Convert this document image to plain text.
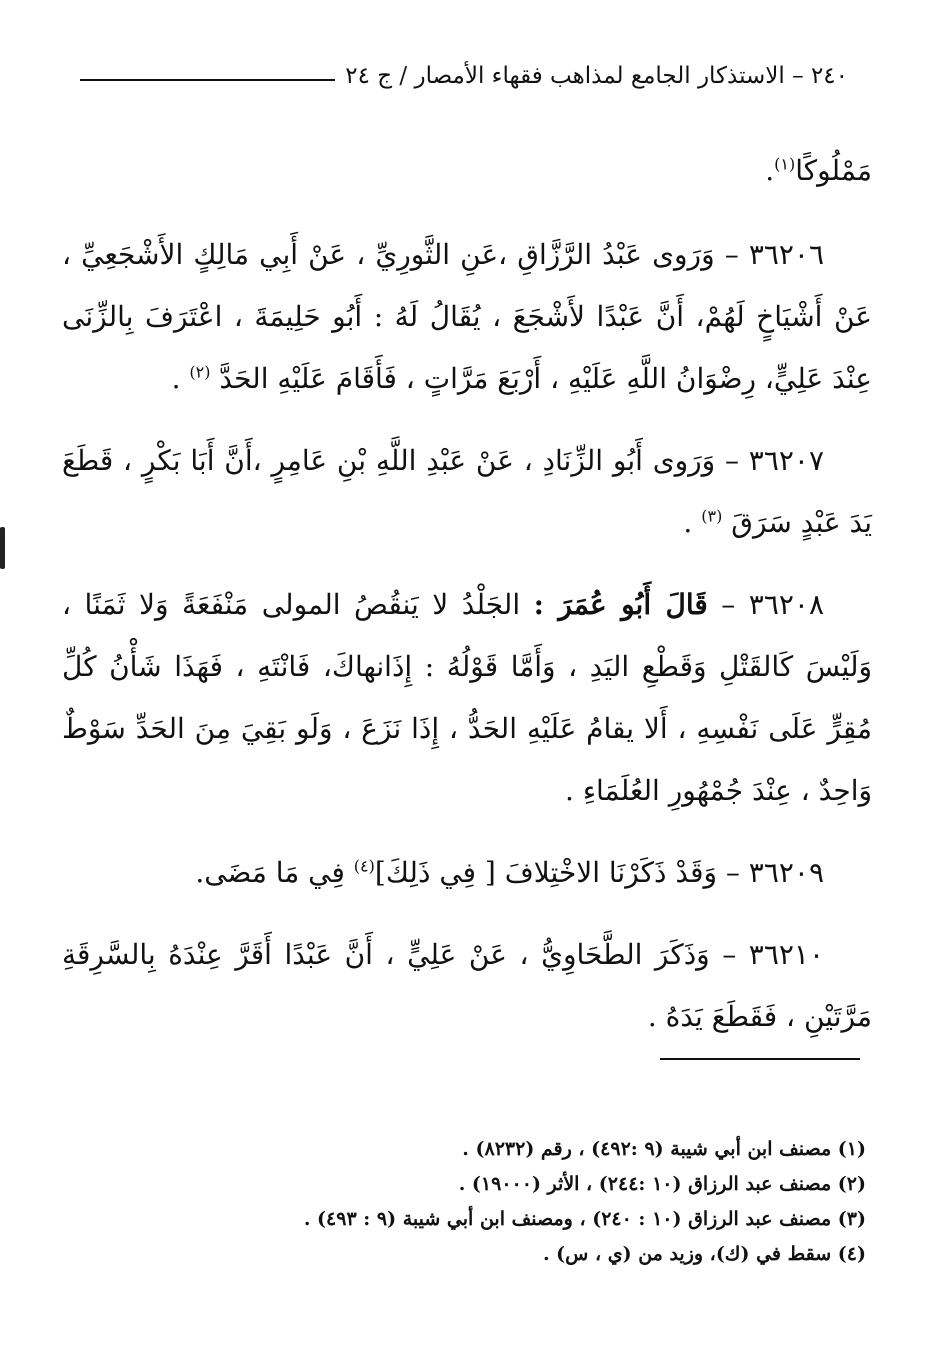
٢٤٠ – الاستذكار الجامع لمذاهب فقهاء الأمصار / ج ٢٤

مَمْلُوكًا$^{(١)}$.

٣٦٢٠٦ – وَرَوى عَبْدُ الرَّزَّاقِ ،عَنِ الثَّورِيِّ ، عَنْ أَبِي مَالِكٍ الأَشْجَعِيِّ ، عَنْ أَشْيَاخٍ لَهُمْ، أَنَّ عَبْدًا لأَشْجَعَ ، يُقَالُ لَهُ : أَبُو حَلِيمَةَ ، اعْتَرَفَ بِالزِّنَى عِنْدَ عَلِيٍّ، رِضْوَانُ اللَّهِ عَلَيْهِ ، أَرْبَعَ مَرَّاتٍ ، فَأَقَامَ عَلَيْهِ الحَدَّ $^{(٢)}$ .

٣٦٢٠٧ – وَرَوى أَبُو الزِّنَادِ ، عَنْ عَبْدِ اللَّهِ بْنِ عَامِرٍ ،أَنَّ أَبَا بَكْرٍ ، قَطَعَ يَدَ عَبْدٍ سَرَقَ $^{(٣)}$ .

٣٦٢٠٨ – قَالَ أَبُو عُمَرَ : الجَلْدُ لا يَنقُصُ المولى مَنْفَعَةً وَلا ثَمَنًا ، وَلَيْسَ كَالقَتْلِ وَقَطْعِ اليَدِ ، وَأَمَّا قَوْلُهُ : إِذَانهاكَ، فَانْتَهِ ، فَهَذَا شَأْنُ كُلِّ مُقِرٍّ عَلَى نَفْسِهِ ، أَلا يقامُ عَلَيْهِ الحَدُّ ، إِذَا نَزَعَ ، وَلَو بَقِيَ مِنَ الحَدِّ سَوْطٌ وَاحِدٌ ، عِنْدَ جُمْهُورِ العُلَمَاءِ .

٣٦٢٠٩ – وَقَدْ ذَكَرْنَا الاخْتِلافَ [ فِي ذَلِكَ]$^{(٤)}$ فِي مَا مَضَى.

٣٦٢١٠ – وَذَكَرَ الطَّحَاوِيُّ ، عَنْ عَلِيٍّ ، أَنَّ عَبْدًا أَقَرَّ عِنْدَهُ بِالسَّرِقَةِ مَرَّتَيْنِ ، فَقَطَعَ يَدَهُ .

(١) مصنف ابن أبي شيبة (٩ :٤٩٢) ، رقم (٨٢٣٢) .
(٢) مصنف عبد الرزاق (١٠ :٢٤٤) ، الأثر (١٩٠٠٠) .
(٣) مصنف عبد الرزاق (١٠ : ٢٤٠) ، ومصنف ابن أبي شيبة (٩ : ٤٩٣) .
(٤) سقط في (ك)، وزيد من (ي ، س) .
